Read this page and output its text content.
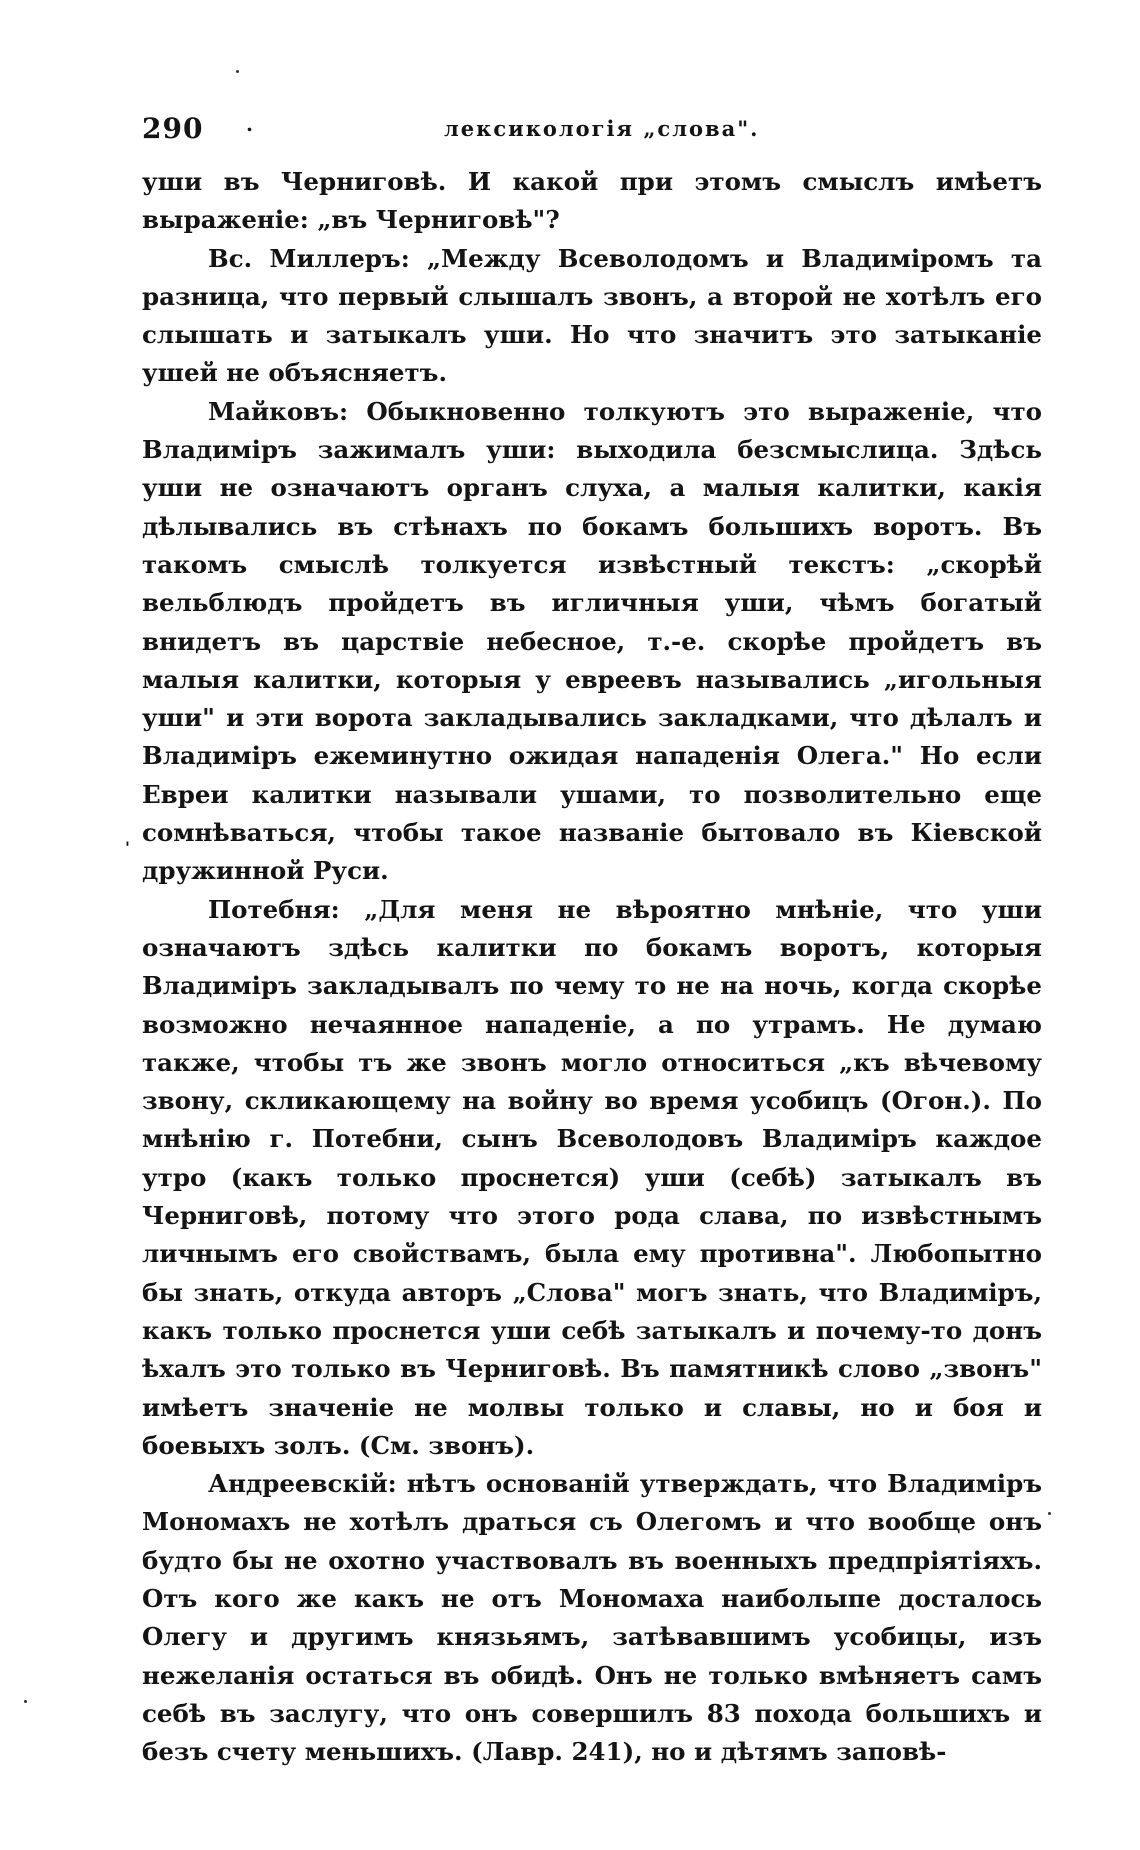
290 .	лексикологія „слова".
'

уши въ Черниговѣ. И какой при этомъ смыслъ имѣетъ выраженіе: „въ Черниговѣ"?

Вс. Миллеръ: „Между Всеволодомъ и Владиміромъ та разница, что первый слышалъ звонъ, а второй не хотѣлъ его слышать и затыкалъ уши. Но что значитъ это затыканіе ушей не объясняетъ.

Майковъ: Обыкновенно толкуютъ это выраженіе, что Владиміръ зажималъ уши: выходила безсмыслица. Здѣсь уши не означаютъ органъ слуха, а малыя калитки, какія дѣлывались въ стѣнахъ по бокамъ большихъ воротъ. Въ такомъ смыслѣ толкуется извѣстный текстъ: „скорѣй вельблюдъ пройдетъ въ игличныя уши, чѣмъ богатый внидетъ въ царствіе небесное, т.-е. скорѣе пройдетъ въ малыя калитки, которыя у евреевъ назывались „игольныя уши" и эти ворота закладывались закладками, что дѣлалъ и Владиміръ ежеминутно ожидая нападенія Олега." Но если Евреи калитки называли ушами, то позволительно еще сомнѣваться, чтобы такое названіе бытовало въ Кіевской дружинной Руси.

Потебня: „Для меня не вѣроятно мнѣніе, что уши означаютъ здѣсь калитки по бокамъ воротъ, которыя Владиміръ закладывалъ по чему то не на ночь, когда скорѣе возможно нечаянное нападеніе, а по утрамъ. Не думаю также, чтобы тъ же звонъ могло относиться „къ вѣчевому звону, скликающему на войну во время усобицъ (Огон.). По мнѣнію г. Потебни, сынъ Всеволодовъ Владиміръ каждое утро (какъ только проснется) уши (себѣ) затыкалъ въ Черниговѣ, потому что этого рода слава, по извѣстнымъ личнымъ его свойствамъ, была ему противна". Любопытно бы знать, откуда авторъ „Слова" могъ знать, что Владиміръ, какъ только проснется уши себѣ затыкалъ и почему-то донъ ѣхалъ это только въ Черниговѣ. Въ памятникѣ слово „звонъ" имѣетъ значеніе не молвы только и славы, но и боя и боевыхъ золъ. (См. звонъ).

Андреевскій: нѣтъ основаній утверждать, что Владиміръ Мономахъ не хотѣлъ драться съ Олегомъ и что вообще онъ будто бы не охотно участвовалъ въ военныхъ предпріятіяхъ. Отъ кого же какъ не отъ Мономаха наиболыпе досталось Олегу и другимъ князьямъ, затѣвавшимъ усобицы, изъ нежеланія остаться въ обидѣ. Онъ не только вмѣняетъ самъ себѣ въ заслугу, что онъ совершилъ 83 похода большихъ и безъ счету меньшихъ. (Лавр. 241), но и дѣтямъ заповѣ-
